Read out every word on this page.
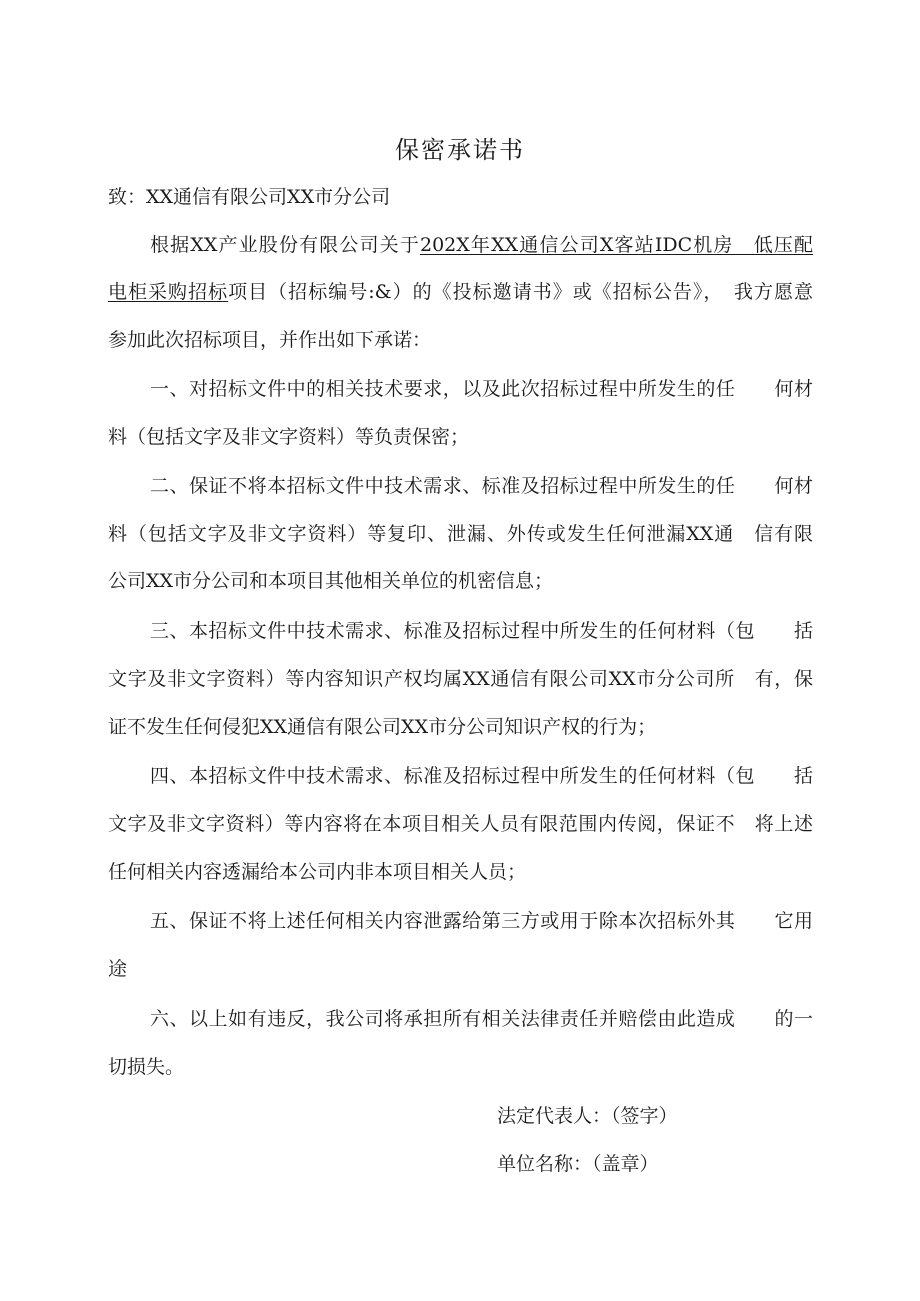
保密承诺书
致：XX通信有限公司XX市分公司
根据XX产业股份有限公司关于202X年XX通信公司X客站IDC机房　低压配
电柜采购招标项目（招标编号:&）的《投标邀请书》或《招标公告》，　我方愿意
参加此次招标项目，并作出如下承诺：
一、对招标文件中的相关技术要求，以及此次招标过程中所发生的任　　何材
料（包括文字及非文字资料）等负责保密；
二、保证不将本招标文件中技术需求、标准及招标过程中所发生的任　　何材
料（包括文字及非文字资料）等复印、泄漏、外传或发生任何泄漏XX通　信有限
公司XX市分公司和本项目其他相关单位的机密信息；
三、本招标文件中技术需求、标准及招标过程中所发生的任何材料（包　　括
文字及非文字资料）等内容知识产权均属XX通信有限公司XX市分公司所　有，保
证不发生任何侵犯XX通信有限公司XX市分公司知识产权的行为；
四、本招标文件中技术需求、标准及招标过程中所发生的任何材料（包　　括
文字及非文字资料）等内容将在本项目相关人员有限范围内传阅，保证不　将上述
任何相关内容透漏给本公司内非本项目相关人员；
五、保证不将上述任何相关内容泄露给第三方或用于除本次招标外其　　它用
途
六、以上如有违反，我公司将承担所有相关法律责任并赔偿由此造成　　的一
切损失。
法定代表人：（签字）
单位名称：（盖章）
